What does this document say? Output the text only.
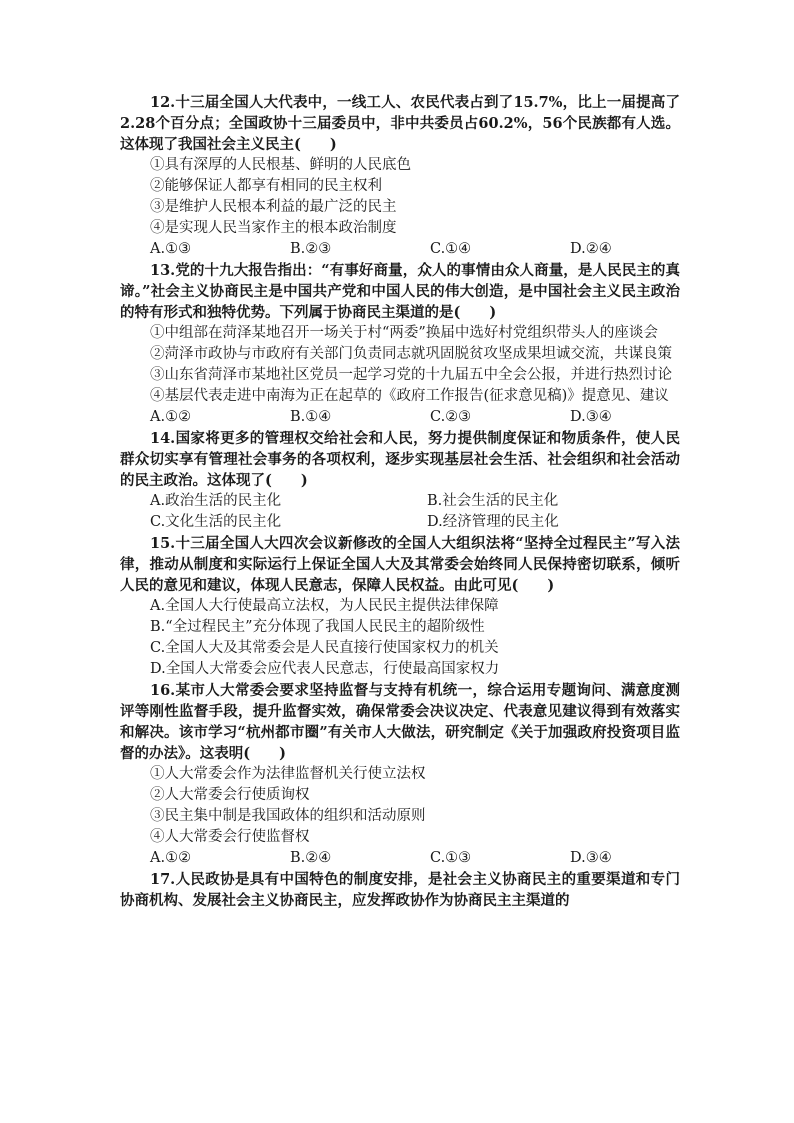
12.十三届全国人大代表中，一线工人、农民代表占到了15.7%，比上一届提高了2.28个百分点；全国政协十三届委员中，非中共委员占60.2%，56个民族都有人选。这体现了我国社会主义民主(　　)

①具有深厚的人民根基、鲜明的人民底色

②能够保证人都享有相同的民主权利

③是维护人民根本利益的最广泛的民主

④是实现人民当家作主的根本政治制度

A.①③	B.②③	C.①④	D.②④

13.党的十九大报告指出：“有事好商量，众人的事情由众人商量，是人民民主的真谛。”社会主义协商民主是中国共产党和中国人民的伟大创造，是中国社会主义民主政治的特有形式和独特优势。下列属于协商民主渠道的是(　　)

①中组部在菏泽某地召开一场关于村“两委”换届中选好村党组织带头人的座谈会

②菏泽市政协与市政府有关部门负责同志就巩固脱贫攻坚成果坦诚交流，共谋良策

③山东省菏泽市某地社区党员一起学习党的十九届五中全会公报，并进行热烈讨论

④基层代表走进中南海为正在起草的《政府工作报告(征求意见稿)》提意见、建议

A.①②	B.①④	C.②③	D.③④

14.国家将更多的管理权交给社会和人民，努力提供制度保证和物质条件，使人民群众切实享有管理社会事务的各项权利，逐步实现基层社会生活、社会组织和社会活动的民主政治。这体现了(　　)

A.政治生活的民主化	B.社会生活的民主化
C.文化生活的民主化	D.经济管理的民主化

15.十三届全国人大四次会议新修改的全国人大组织法将“坚持全过程民主”写入法律，推动从制度和实际运行上保证全国人大及其常委会始终同人民保持密切联系，倾听人民的意见和建议，体现人民意志，保障人民权益。由此可见(　　)

A.全国人大行使最高立法权，为人民民主提供法律保障

B.“全过程民主”充分体现了我国人民民主的超阶级性

C.全国人大及其常委会是人民直接行使国家权力的机关

D.全国人大常委会应代表人民意志，行使最高国家权力

16.某市人大常委会要求坚持监督与支持有机统一，综合运用专题询问、满意度测评等刚性监督手段，提升监督实效，确保常委会决议决定、代表意见建议得到有效落实和解决。该市学习“杭州都市圈”有关市人大做法，研究制定《关于加强政府投资项目监督的办法》。这表明(　　)

①人大常委会作为法律监督机关行使立法权

②人大常委会行使质询权

③民主集中制是我国政体的组织和活动原则

④人大常委会行使监督权

A.①②	B.②④	C.①③	D.③④

17.人民政协是具有中国特色的制度安排，是社会主义协商民主的重要渠道和专门协商机构、发展社会主义协商民主，应发挥政协作为协商民主主渠道的
